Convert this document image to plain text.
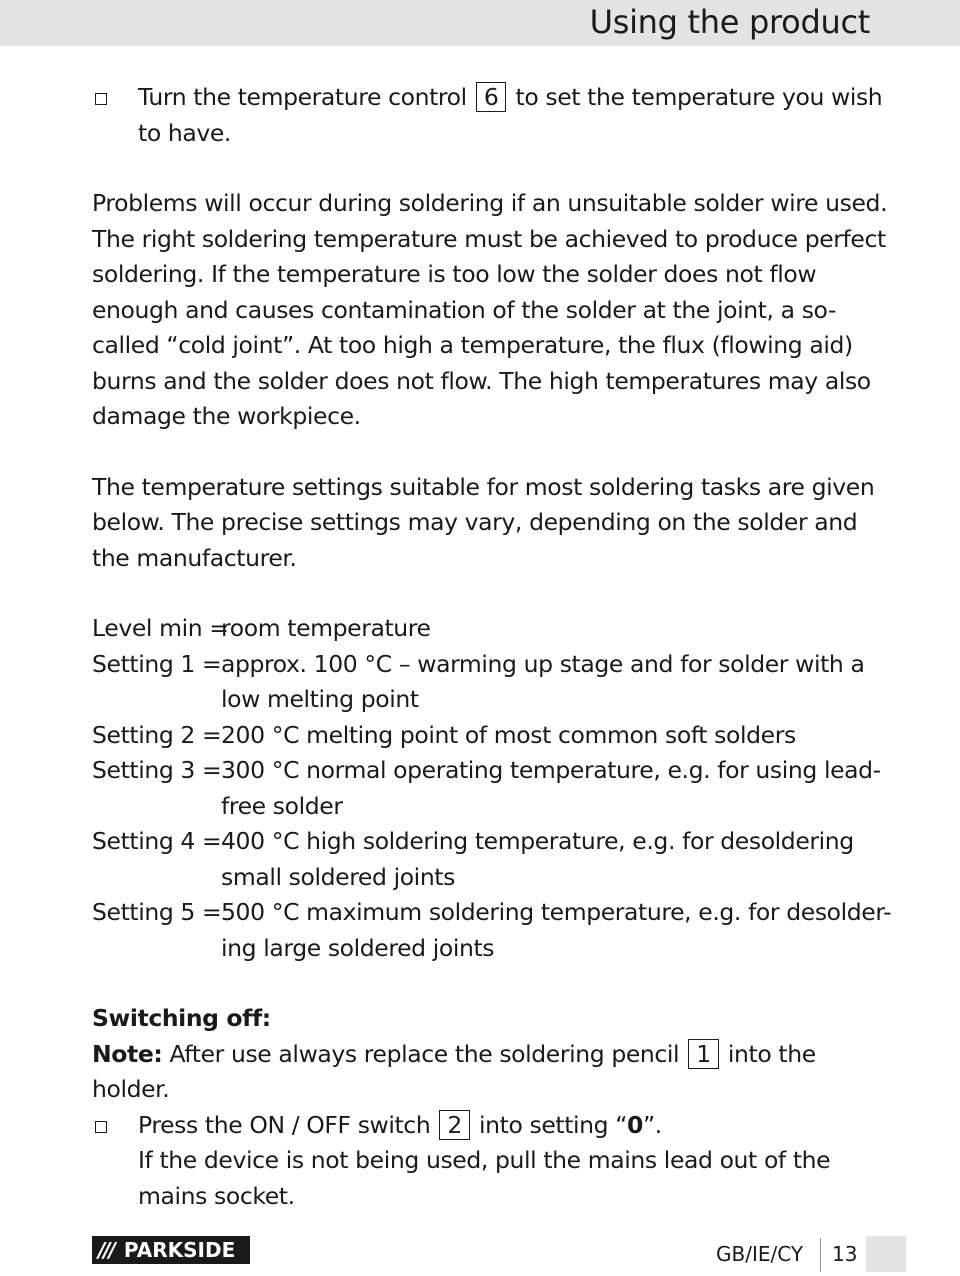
Using the product
Turn the temperature control 6 to set the temperature you wish to have.

Problems will occur during soldering if an unsuitable solder wire used. The right soldering temperature must be achieved to produce perfect soldering. If the temperature is too low the solder does not flow enough and causes contamination of the solder at the joint, a so-called “cold joint”. At too high a temperature, the flux (flowing aid) burns and the solder does not flow. The high temperatures may also damage the workpiece.

The temperature settings suitable for most soldering tasks are given below. The precise settings may vary, depending on the solder and the manufacturer.

Level min =
room temperature
Setting 1 =
approx. 100 °C – warming up stage and for solder with a low melting point
Setting 2 =
200 °C melting point of most common soft solders
Setting 3 =
300 °C normal operating temperature, e.g. for using lead-free solder
Setting 4 =
400 °C high soldering temperature, e.g. for desoldering small soldered joints
Setting 5 =
500 °C maximum soldering temperature, e.g. for desolder-ing large soldered joints

Switching off:

Note: After use always replace the soldering pencil 1 into the holder.

Press the ON / OFF switch 2 into setting “0”.
If the device is not being used, pull the mains lead out of the mains socket.
/// PARKSIDE	GB/IE/CY 13
